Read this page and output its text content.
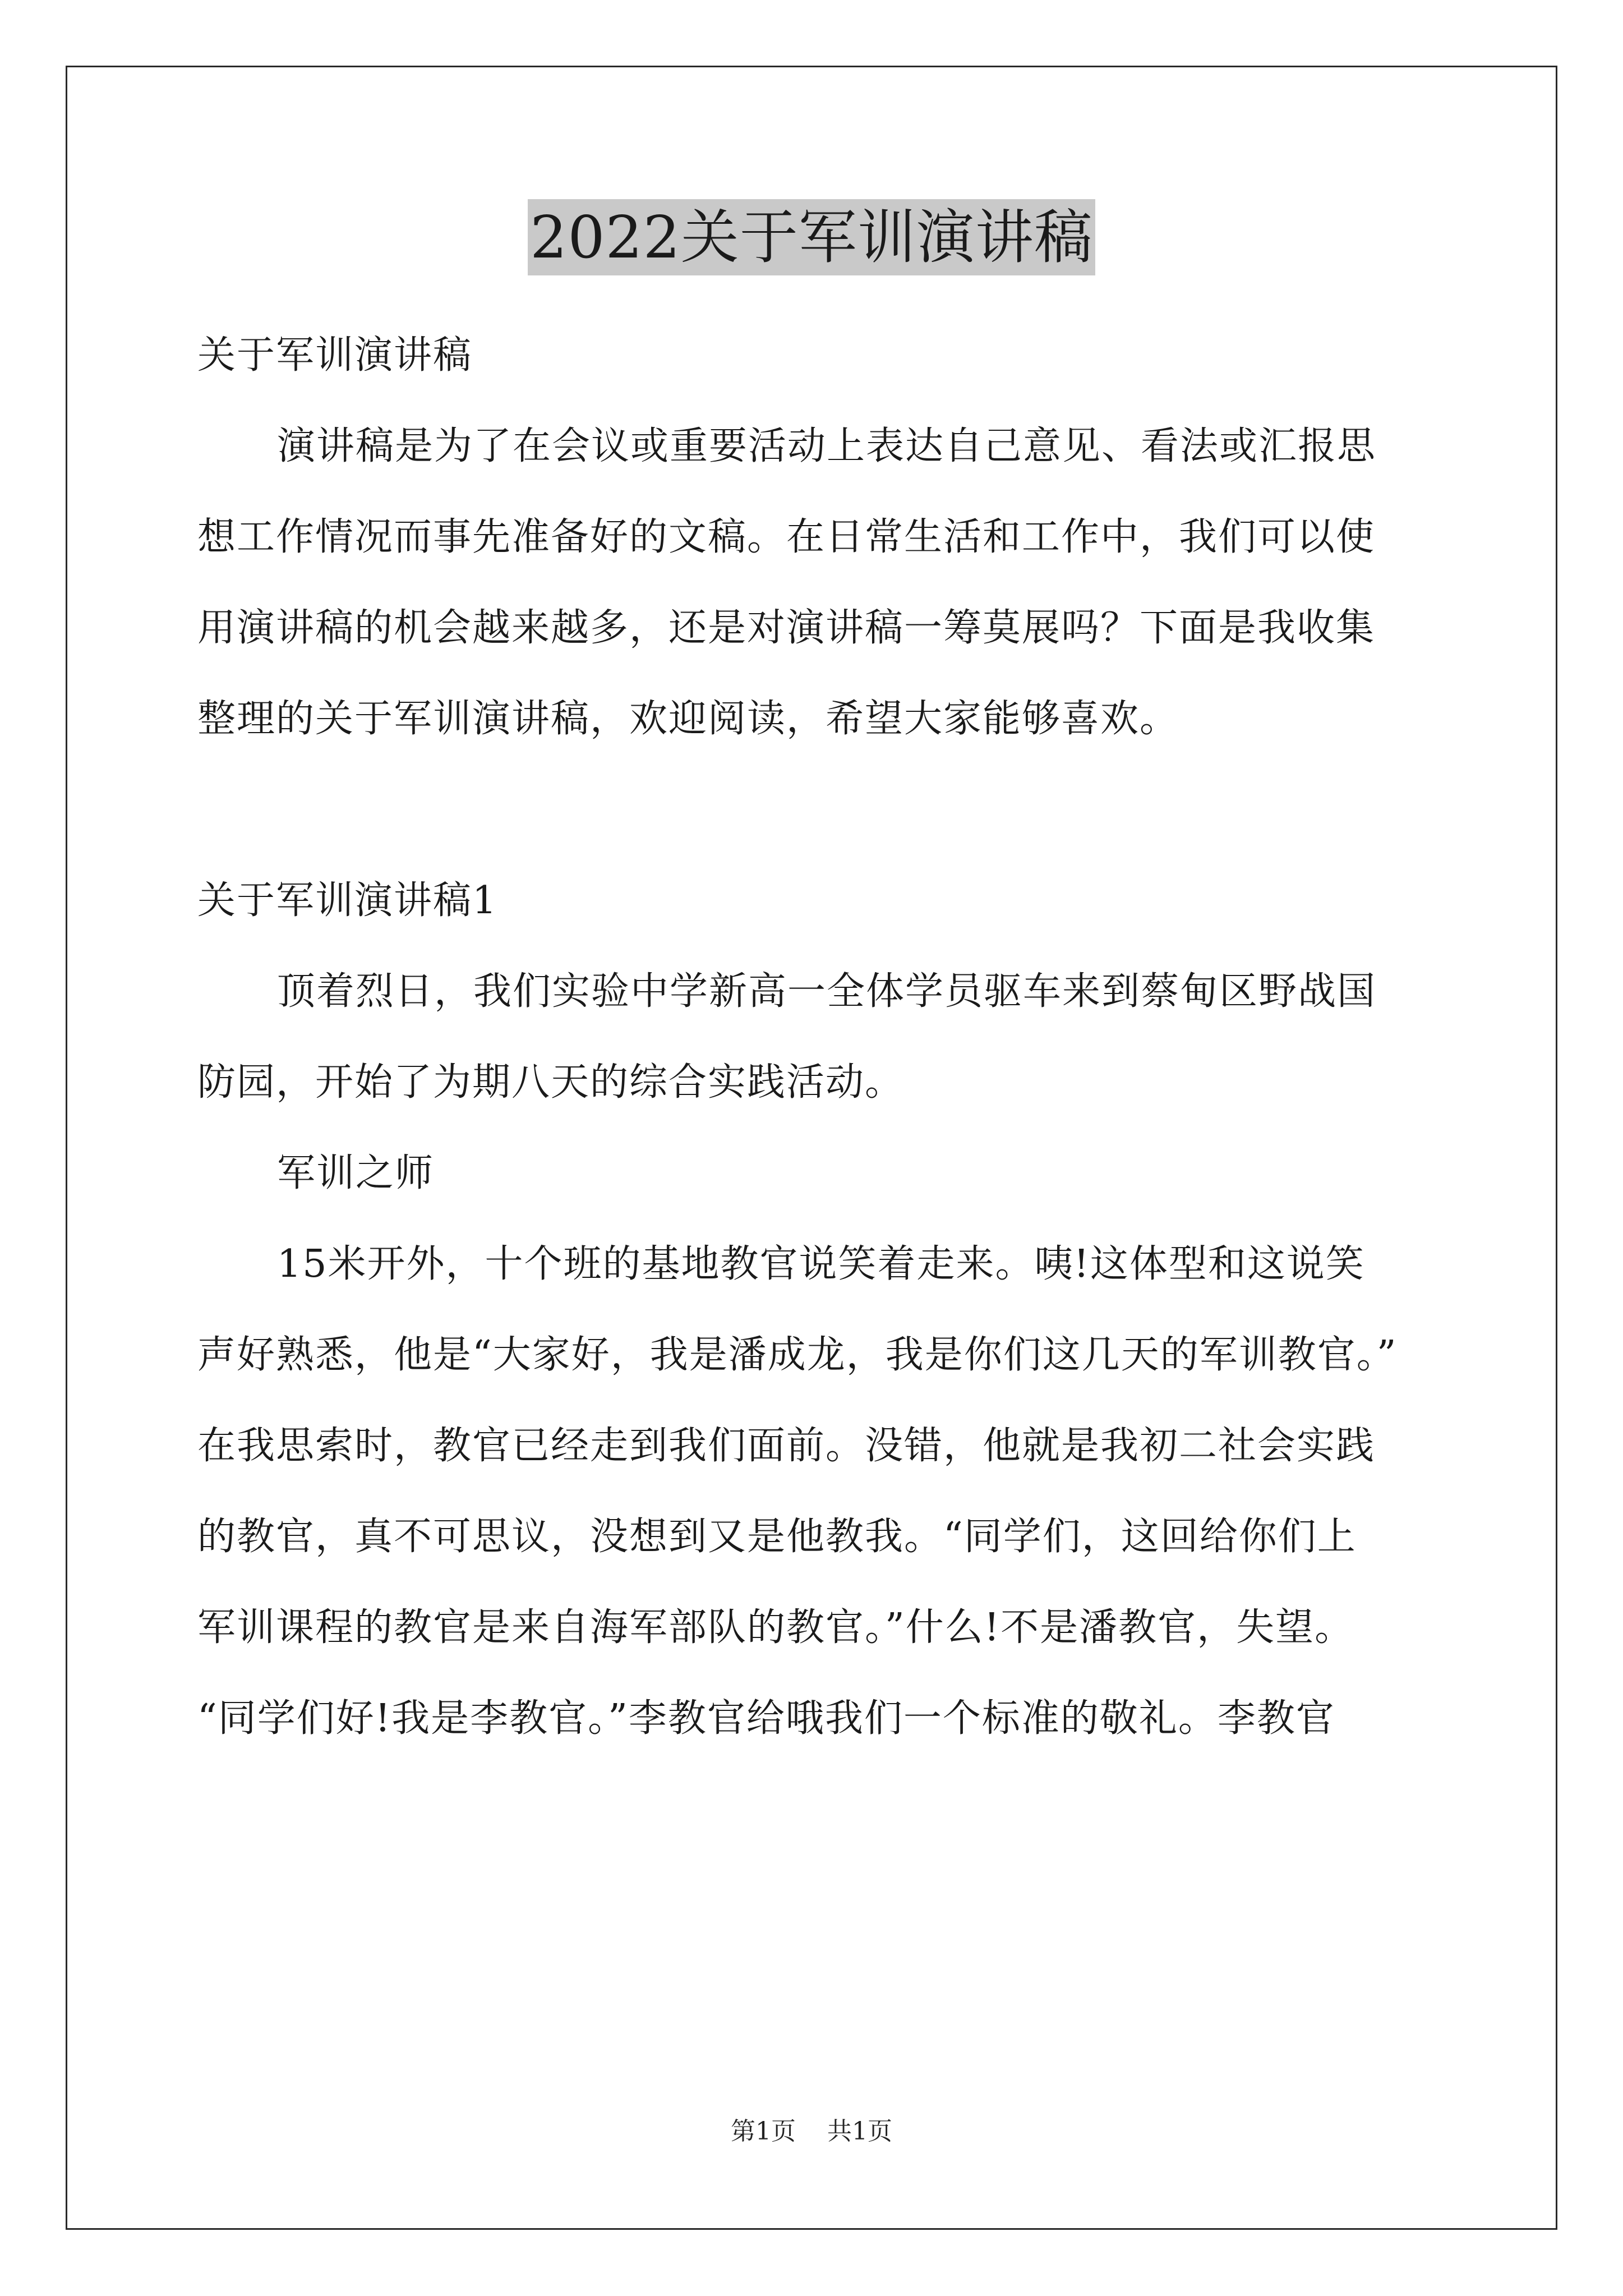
2022关于军训演讲稿
关于军训演讲稿
演讲稿是为了在会议或重要活动上表达自己意见、看法或汇报思
想工作情况而事先准备好的文稿。在日常生活和工作中，我们可以使
用演讲稿的机会越来越多，还是对演讲稿一筹莫展吗？下面是我收集
整理的关于军训演讲稿，欢迎阅读，希望大家能够喜欢。
关于军训演讲稿1
顶着烈日，我们实验中学新高一全体学员驱车来到蔡甸区野战国
防园，开始了为期八天的综合实践活动。
军训之师
15米开外，十个班的基地教官说笑着走来。咦!这体型和这说笑
声好熟悉，他是“大家好，我是潘成龙，我是你们这几天的军训教官。”
在我思索时，教官已经走到我们面前。没错，他就是我初二社会实践
的教官，真不可思议，没想到又是他教我。“同学们，这回给你们上
军训课程的教官是来自海军部队的教官。”什么!不是潘教官，失望。
“同学们好!我是李教官。”李教官给哦我们一个标准的敬礼。李教官
第1页 共1页
